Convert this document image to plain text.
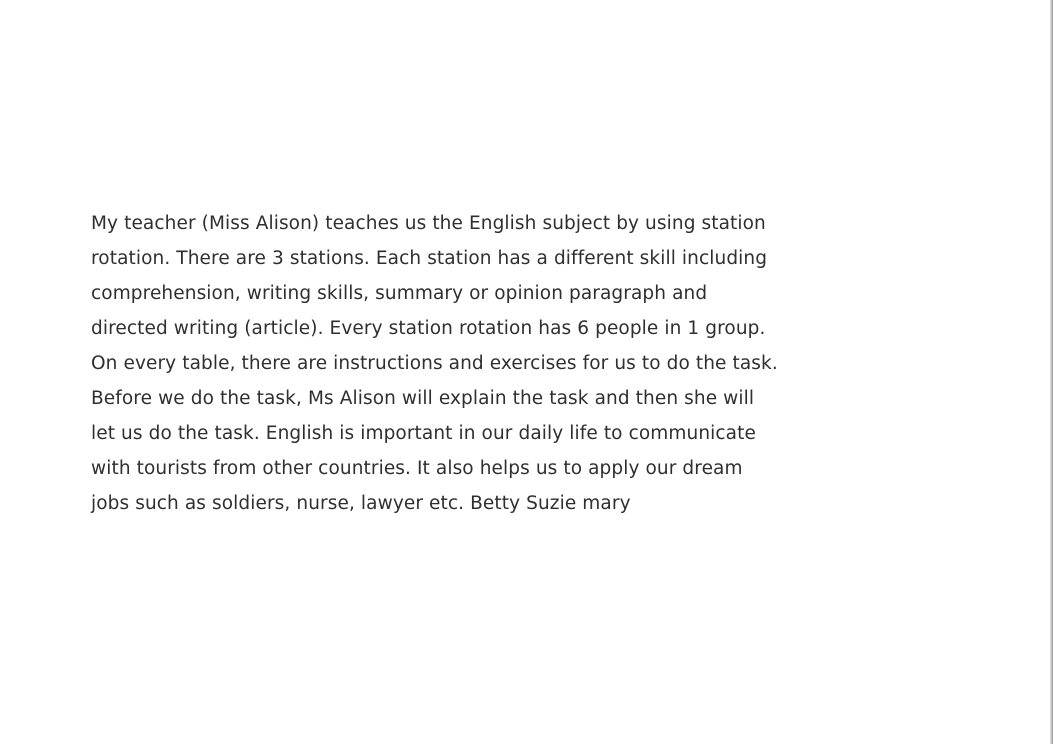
My teacher (Miss Alison) teaches us the English subject by using station
rotation. There are 3 stations. Each station has a different skill including
comprehension, writing skills, summary or opinion paragraph and
directed writing (article). Every station rotation has 6 people in 1 group.
On every table, there are instructions and exercises for us to do the task.
Before we do the task, Ms Alison will explain the task and then she will
let us do the task. English is important in our daily life to communicate
with tourists from other countries. It also helps us to apply our dream
jobs such as soldiers, nurse, lawyer etc. Betty Suzie mary
